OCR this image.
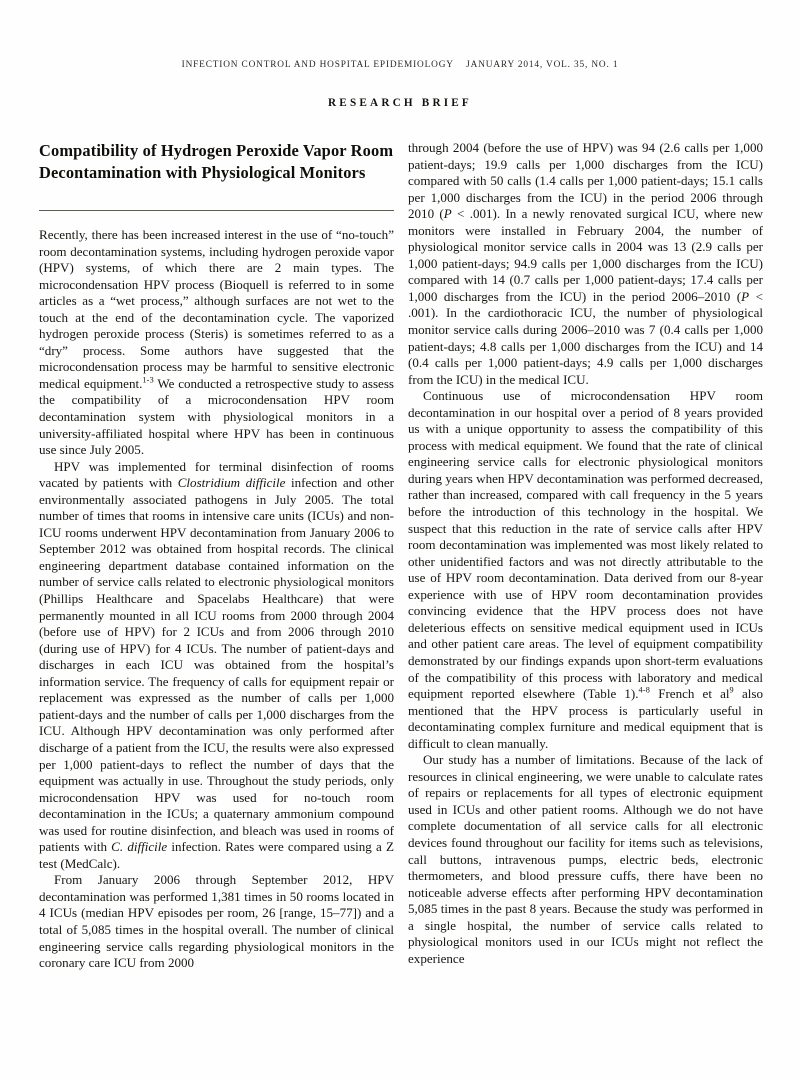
INFECTION CONTROL AND HOSPITAL EPIDEMIOLOGY    JANUARY 2014, VOL. 35, NO. 1
RESEARCH BRIEF
Compatibility of Hydrogen Peroxide Vapor Room Decontamination with Physiological Monitors

Recently, there has been increased interest in the use of “no-touch” room decontamination systems, including hydrogen peroxide vapor (HPV) systems, of which there are 2 main types. The microcondensation HPV process (Bioquell is referred to in some articles as a “wet process,” although surfaces are not wet to the touch at the end of the decontamination cycle. The vaporized hydrogen peroxide process (Steris) is sometimes referred to as a “dry” process. Some authors have suggested that the microcondensation process may be harmful to sensitive electronic medical equipment.$^{1-3}$ We conducted a retrospective study to assess the compatibility of a microcondensation HPV room decontamination system with physiological monitors in a university-affiliated hospital where HPV has been in continuous use since July 2005.

HPV was implemented for terminal disinfection of rooms vacated by patients with Clostridium difficile infection and other environmentally associated pathogens in July 2005. The total number of times that rooms in intensive care units (ICUs) and non-ICU rooms underwent HPV decontamination from January 2006 to September 2012 was obtained from hospital records. The clinical engineering department database contained information on the number of service calls related to electronic physiological monitors (Phillips Healthcare and Spacelabs Healthcare) that were permanently mounted in all ICU rooms from 2000 through 2004 (before use of HPV) for 2 ICUs and from 2006 through 2010 (during use of HPV) for 4 ICUs. The number of patient-days and discharges in each ICU was obtained from the hospital’s information service. The frequency of calls for equipment repair or replacement was expressed as the number of calls per 1,000 patient-days and the number of calls per 1,000 discharges from the ICU. Although HPV decontamination was only performed after discharge of a patient from the ICU, the results were also expressed per 1,000 patient-days to reflect the number of days that the equipment was actually in use. Throughout the study periods, only microcondensation HPV was used for no-touch room decontamination in the ICUs; a quaternary ammonium compound was used for routine disinfection, and bleach was used in rooms of patients with C. difficile infection. Rates were compared using a Z test (MedCalc).

From January 2006 through September 2012, HPV decontamination was performed 1,381 times in 50 rooms located in 4 ICUs (median HPV episodes per room, 26 [range, 15–77]) and a total of 5,085 times in the hospital overall. The number of clinical engineering service calls regarding physiological monitors in the coronary care ICU from 2000

through 2004 (before the use of HPV) was 94 (2.6 calls per 1,000 patient-days; 19.9 calls per 1,000 discharges from the ICU) compared with 50 calls (1.4 calls per 1,000 patient-days; 15.1 calls per 1,000 discharges from the ICU) in the period 2006 through 2010 (P < .001). In a newly renovated surgical ICU, where new monitors were installed in February 2004, the number of physiological monitor service calls in 2004 was 13 (2.9 calls per 1,000 patient-days; 94.9 calls per 1,000 discharges from the ICU) compared with 14 (0.7 calls per 1,000 patient-days; 17.4 calls per 1,000 discharges from the ICU) in the period 2006–2010 (P < .001). In the cardiothoracic ICU, the number of physiological monitor service calls during 2006–2010 was 7 (0.4 calls per 1,000 patient-days; 4.8 calls per 1,000 discharges from the ICU) and 14 (0.4 calls per 1,000 patient-days; 4.9 calls per 1,000 discharges from the ICU) in the medical ICU.

Continuous use of microcondensation HPV room decontamination in our hospital over a period of 8 years provided us with a unique opportunity to assess the compatibility of this process with medical equipment. We found that the rate of clinical engineering service calls for electronic physiological monitors during years when HPV decontamination was performed decreased, rather than increased, compared with call frequency in the 5 years before the introduction of this technology in the hospital. We suspect that this reduction in the rate of service calls after HPV room decontamination was implemented was most likely related to other unidentified factors and was not directly attributable to the use of HPV room decontamination. Data derived from our 8-year experience with use of HPV room decontamination provides convincing evidence that the HPV process does not have deleterious effects on sensitive medical equipment used in ICUs and other patient care areas. The level of equipment compatibility demonstrated by our findings expands upon short-term evaluations of the compatibility of this process with laboratory and medical equipment reported elsewhere (Table 1).$^{4-8}$ French et al$^9$ also mentioned that the HPV process is particularly useful in decontaminating complex furniture and medical equipment that is difficult to clean manually.

Our study has a number of limitations. Because of the lack of resources in clinical engineering, we were unable to calculate rates of repairs or replacements for all types of electronic equipment used in ICUs and other patient rooms. Although we do not have complete documentation of all service calls for all electronic devices found throughout our facility for items such as televisions, call buttons, intravenous pumps, electric beds, electronic thermometers, and blood pressure cuffs, there have been no noticeable adverse effects after performing HPV decontamination 5,085 times in the past 8 years. Because the study was performed in a single hospital, the number of service calls related to physiological monitors used in our ICUs might not reflect the experience
